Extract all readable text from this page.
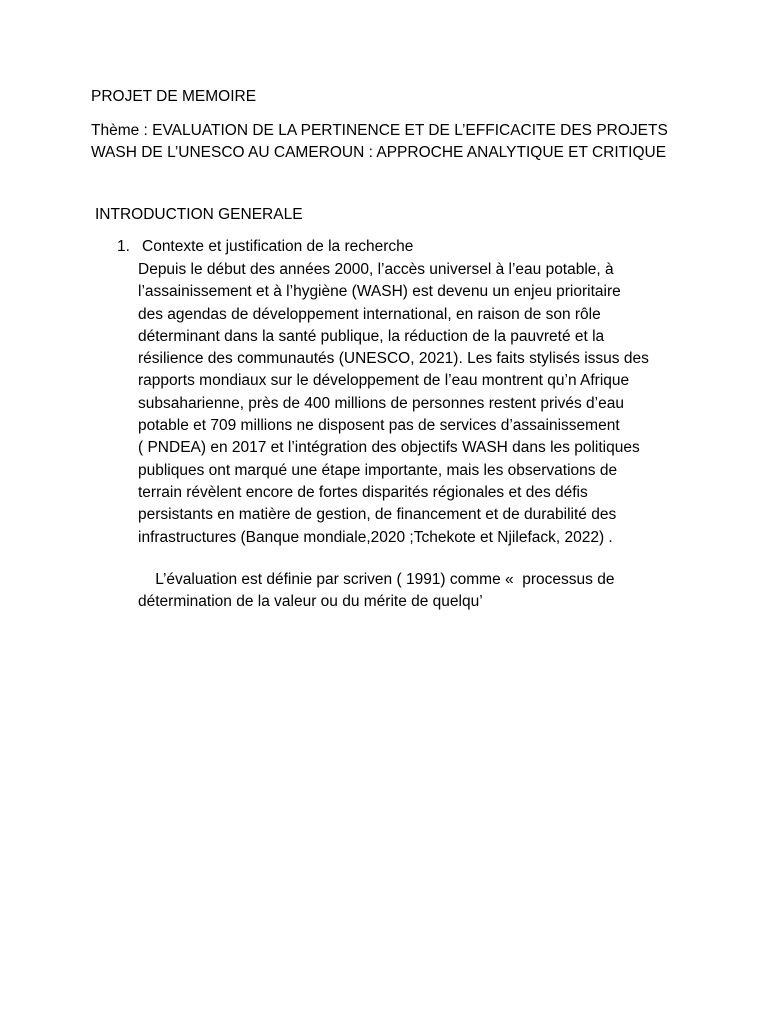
PROJET DE MEMOIRE

Thème : EVALUATION DE LA PERTINENCE ET DE L’EFFICACITE DES PROJETS
WASH DE L’UNESCO AU CAMEROUN : APPROCHE ANALYTIQUE ET CRITIQUE

INTRODUCTION GENERALE
1. Contexte et justification de la recherche

Depuis le début des années 2000, l’accès universel à l’eau potable, à
l’assainissement et à l’hygiène (WASH) est devenu un enjeu prioritaire
des agendas de développement international, en raison de son rôle
déterminant dans la santé publique, la réduction de la pauvreté et la
résilience des communautés (UNESCO, 2021). Les faits stylisés issus des
rapports mondiaux sur le développement de l’eau montrent qu’n Afrique
subsaharienne, près de 400 millions de personnes restent privés d’eau
potable et 709 millions ne disposent pas de services d’assainissement
( PNDEA) en 2017 et l’intégration des objectifs WASH dans les politiques
publiques ont marqué une étape importante, mais les observations de
terrain révèlent encore de fortes disparités régionales et des défis
persistants en matière de gestion, de financement et de durabilité des
infrastructures (Banque mondiale,2020 ;Tchekote et Njilefack, 2022) .

L’évaluation est définie par scriven ( 1991) comme «  processus de
détermination de la valeur ou du mérite de quelqu’
